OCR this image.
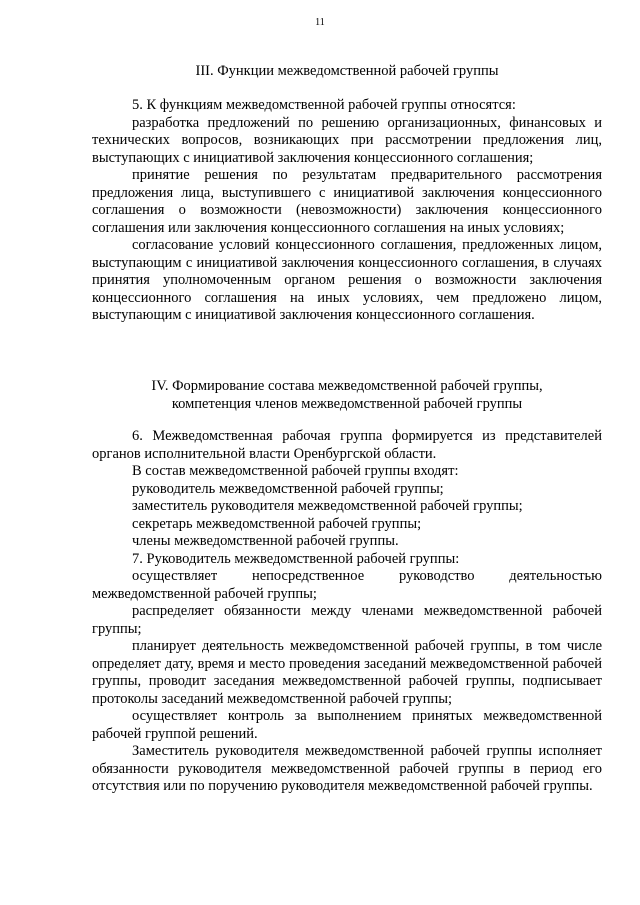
11
III. Функции межведомственной рабочей группы

5. К функциям межведомственной рабочей группы относятся:

разработка предложений по решению организационных, финансовых и технических вопросов, возникающих при рассмотрении предложения лиц, выступающих с инициативой заключения концессионного соглашения;

принятие решения по результатам предварительного рассмотрения предложения лица, выступившего с инициативой заключения концессионного соглашения о возможности (невозможности) заключения концессионного соглашения или заключения концессионного соглашения на иных условиях;

согласование условий концессионного соглашения, предложенных лицом, выступающим с инициативой заключения концессионного соглашения, в случаях принятия уполномоченным органом решения о возможности заключения концессионного соглашения на иных условиях, чем предложено лицом, выступающим с инициативой заключения концессионного соглашения.

IV. Формирование состава межведомственной рабочей группы,
компетенция членов межведомственной рабочей группы

6. Межведомственная рабочая группа формируется из представителей органов исполнительной власти Оренбургской области.

В состав межведомственной рабочей группы входят:

руководитель межведомственной рабочей группы;

заместитель руководителя межведомственной рабочей группы;

секретарь межведомственной рабочей группы;

члены межведомственной рабочей группы.

7. Руководитель межведомственной рабочей группы:

осуществляет непосредственное руководство деятельностью межведомственной рабочей группы;

распределяет обязанности между членами межведомственной рабочей группы;

планирует деятельность межведомственной рабочей группы, в том числе определяет дату, время и место проведения заседаний межведомственной рабочей группы, проводит заседания межведомственной рабочей группы, подписывает протоколы заседаний межведомственной рабочей группы;

осуществляет контроль за выполнением принятых межведомственной рабочей группой решений.

Заместитель руководителя межведомственной рабочей группы исполняет обязанности руководителя межведомственной рабочей группы в период его отсутствия или по поручению руководителя межведомственной рабочей группы.
